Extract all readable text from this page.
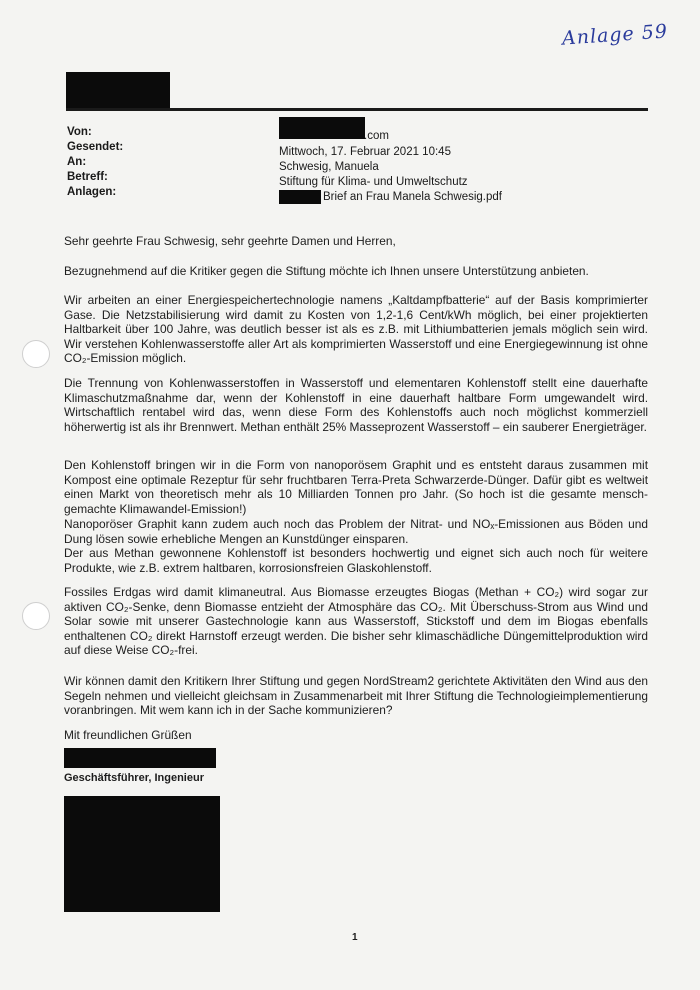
Anlage 59
Von:
Gesendet:
An:
Betreff:
Anlagen:
.com
Mittwoch, 17. Februar 2021 10:45
Schwesig, Manuela
Stiftung für Klima- und Umweltschutz
Brief an Frau Manela Schwesig.pdf
Sehr geehrte Frau Schwesig, sehr geehrte Damen und Herren,
Bezugnehmend auf die Kritiker gegen die Stiftung möchte ich Ihnen unsere Unterstützung anbieten.
Wir arbeiten an einer Energiespeichertechnologie namens „Kaltdampfbatterie“ auf der Basis komprimierter Gase. Die Netzstabilisierung wird damit zu Kosten von 1,2-1,6 Cent/kWh möglich, bei einer projektierten Haltbarkeit über 100 Jahre, was deutlich besser ist als es z.B. mit Lithiumbatterien jemals möglich sein wird. Wir verstehen Kohlenwasserstoffe aller Art als komprimierten Wasserstoff und eine Energiegewinnung ist ohne CO₂-Emission möglich.
Die Trennung von Kohlenwasserstoffen in Wasserstoff und elementaren Kohlenstoff stellt eine dauerhafte Klimaschutzmaßnahme dar, wenn der Kohlenstoff in eine dauerhaft haltbare Form umgewandelt wird. Wirtschaftlich rentabel wird das, wenn diese Form des Kohlenstoffs auch noch möglichst kommerziell höherwertig ist als ihr Brennwert. Methan enthält 25% Masseprozent Wasserstoff – ein sauberer Energieträger.
Den Kohlenstoff bringen wir in die Form von nanoporösem Graphit und es entsteht daraus zusammen mit Kompost eine optimale Rezeptur für sehr fruchtbaren Terra-Preta Schwarzerde-Dünger. Dafür gibt es weltweit einen Markt von theoretisch mehr als 10 Milliarden Tonnen pro Jahr. (So hoch ist die gesamte mensch-gemachte Klimawandel-Emission!)
Nanoporöser Graphit kann zudem auch noch das Problem der Nitrat- und NOₓ-Emissionen aus Böden und Dung lösen sowie erhebliche Mengen an Kunstdünger einsparen.
Der aus Methan gewonnene Kohlenstoff ist besonders hochwertig und eignet sich auch noch für weitere Produkte, wie z.B. extrem haltbaren, korrosionsfreien Glaskohlenstoff.
Fossiles Erdgas wird damit klimaneutral. Aus Biomasse erzeugtes Biogas (Methan + CO₂) wird sogar zur aktiven CO₂-Senke, denn Biomasse entzieht der Atmosphäre das CO₂. Mit Überschuss-Strom aus Wind und Solar sowie mit unserer Gastechnologie kann aus Wasserstoff, Stickstoff und dem im Biogas ebenfalls enthaltenen CO₂ direkt Harnstoff erzeugt werden. Die bisher sehr klimaschädliche Düngemittelproduktion wird auf diese Weise CO₂-frei.
Wir können damit den Kritikern Ihrer Stiftung und gegen NordStream2 gerichtete Aktivitäten den Wind aus den Segeln nehmen und vielleicht gleichsam in Zusammenarbeit mit Ihrer Stiftung die Technologieimplementierung voranbringen. Mit wem kann ich in der Sache kommunizieren?
Mit freundlichen Grüßen
Geschäftsführer, Ingenieur
1
